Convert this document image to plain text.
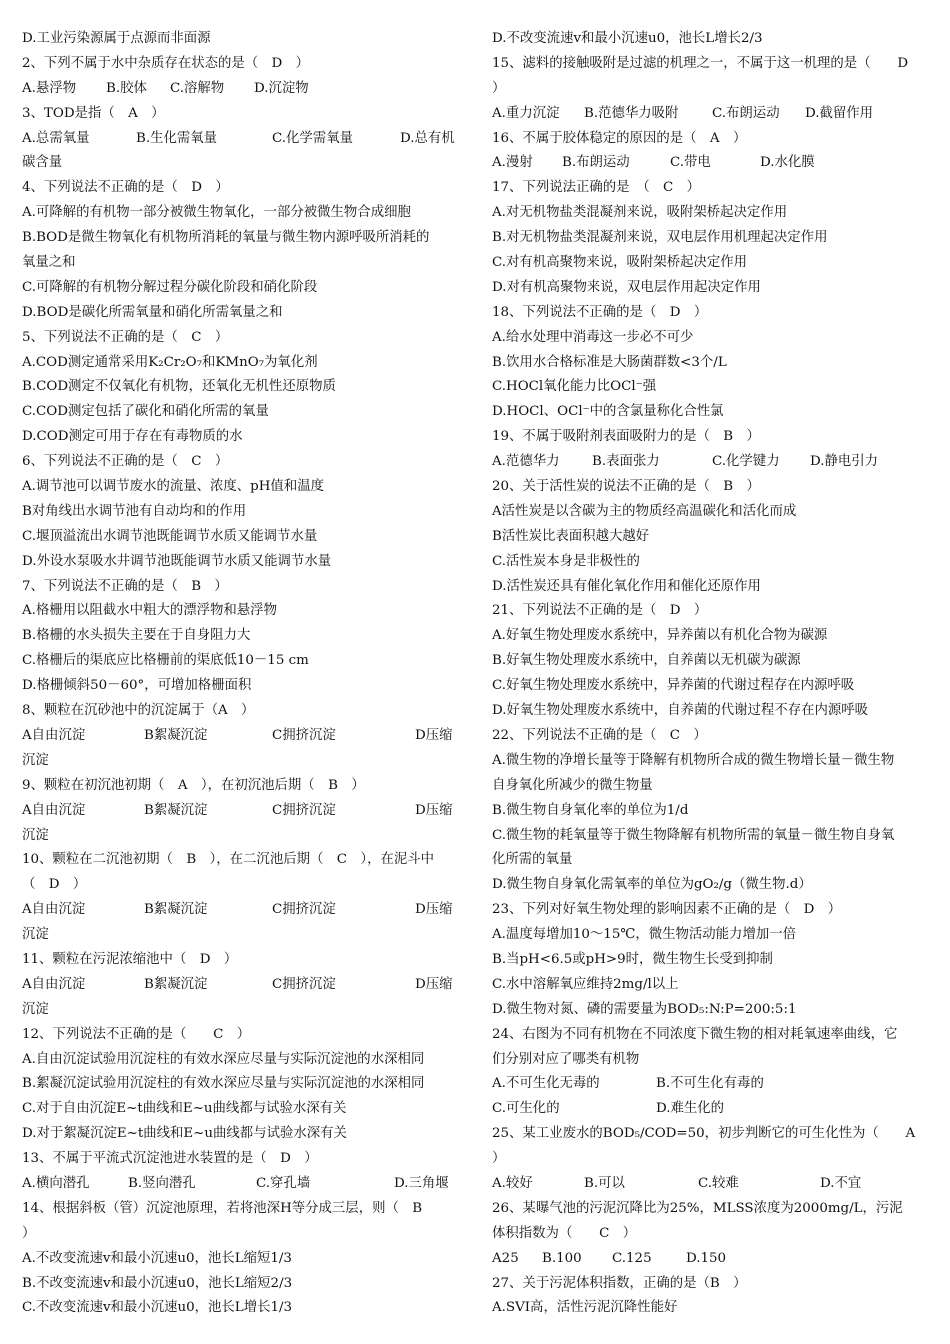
D.工业污染源属于点源而非面源
2、下列不属于水中杂质存在状态的是（　D　）
A.悬浮物 B.胶体 C.溶解物 D.沉淀物
3、TOD是指（　A　）
A.总需氧量	B.生化需氧量	C.化学需氧量	D.总有机
碳含量
4、下列说法不正确的是（　D　）
A.可降解的有机物一部分被微生物氧化，一部分被微生物合成细胞
B.BOD是微生物氧化有机物所消耗的氧量与微生物内源呼吸所消耗的
氧量之和
C.可降解的有机物分解过程分碳化阶段和硝化阶段
D.BOD是碳化所需氧量和硝化所需氧量之和
5、下列说法不正确的是（　C　）
A.COD测定通常采用K₂Cr₂O₇和KMnO₇为氧化剂
B.COD测定不仅氧化有机物，还氧化无机性还原物质
C.COD测定包括了碳化和硝化所需的氧量
D.COD测定可用于存在有毒物质的水
6、下列说法不正确的是（　C　）
A.调节池可以调节废水的流量、浓度、pH值和温度
B对角线出水调节池有自动均和的作用
C.堰顶溢流出水调节池既能调节水质又能调节水量
D.外设水泵吸水井调节池既能调节水质又能调节水量
7、下列说法不正确的是（　B　）
A.格栅用以阻截水中粗大的漂浮物和悬浮物
B.格栅的水头损失主要在于自身阻力大
C.格栅后的渠底应比格栅前的渠底低10－15 cm
D.格栅倾斜50－60°，可增加格栅面积
8、颗粒在沉砂池中的沉淀属于（A　）
A自由沉淀	B絮凝沉淀	C拥挤沉淀	D压缩
沉淀
9、颗粒在初沉池初期（　A　），在初沉池后期（　B　）
A自由沉淀	B絮凝沉淀	C拥挤沉淀	D压缩
沉淀
10、颗粒在二沉池初期（　B　），在二沉池后期（　C　），在泥斗中
（　D　）
A自由沉淀	B絮凝沉淀	C拥挤沉淀	D压缩
沉淀
11、颗粒在污泥浓缩池中（　D　）
A自由沉淀	B絮凝沉淀	C拥挤沉淀	D压缩
沉淀
12、下列说法不正确的是（　　C　）
A.自由沉淀试验用沉淀柱的有效水深应尽量与实际沉淀池的水深相同
B.絮凝沉淀试验用沉淀柱的有效水深应尽量与实际沉淀池的水深相同
C.对于自由沉淀E~t曲线和E~u曲线都与试验水深有关
D.对于絮凝沉淀E~t曲线和E~u曲线都与试验水深有关
13、不属于平流式沉淀池进水装置的是（　D　）
A.横向潜孔	B.竖向潜孔	C.穿孔墙	D.三角堰
14、根据斜板（管）沉淀池原理，若将池深H等分成三层，则（　B
）
A.不改变流速v和最小沉速u0，池长L缩短1/3
B.不改变流速v和最小沉速u0，池长L缩短2/3
C.不改变流速v和最小沉速u0，池长L增长1/3
D.不改变流速v和最小沉速u0，池长L增长2/3
15、滤料的接触吸附是过滤的机理之一，不属于这一机理的是（　　D
）
A.重力沉淀 B.范德华力吸附	C.布朗运动 D.截留作用
16、不属于胶体稳定的原因的是（　A　）
A.漫射 B.布朗运动	C.带电	D.水化膜
17、下列说法正确的是　（　C　）
A.对无机物盐类混凝剂来说，吸附架桥起决定作用
B.对无机物盐类混凝剂来说，双电层作用机理起决定作用
C.对有机高聚物来说，吸附架桥起决定作用
D.对有机高聚物来说，双电层作用起决定作用
18、下列说法不正确的是（　D　）
A.给水处理中消毒这一步必不可少
B.饮用水合格标准是大肠菌群数<3个/L
C.HOCl氧化能力比OCl⁻强
D.HOCl、OCl⁻中的含氯量称化合性氯
19、不属于吸附剂表面吸附力的是（　B　）
A.范德华力 B.表面张力	C.化学键力 D.静电引力
20、关于活性炭的说法不正确的是（　B　）
A活性炭是以含碳为主的物质经高温碳化和活化而成
B活性炭比表面积越大越好
C.活性炭本身是非极性的
D.活性炭还具有催化氧化作用和催化还原作用
21、下列说法不正确的是（　D　）
A.好氧生物处理废水系统中，异养菌以有机化合物为碳源
B.好氧生物处理废水系统中，自养菌以无机碳为碳源
C.好氧生物处理废水系统中，异养菌的代谢过程存在内源呼吸
D.好氧生物处理废水系统中，自养菌的代谢过程不存在内源呼吸
22、下列说法不正确的是（　C　）
A.微生物的净增长量等于降解有机物所合成的微生物增长量－微生物
自身氧化所减少的微生物量
B.微生物自身氧化率的单位为1/d
C.微生物的耗氧量等于微生物降解有机物所需的氧量－微生物自身氧
化所需的氧量
D.微生物自身氧化需氧率的单位为gO₂/g（微生物.d）
23、下列对好氧生物处理的影响因素不正确的是（　D　）
A.温度每增加10～15℃，微生物活动能力增加一倍
B.当pH<6.5或pH>9时，微生物生长受到抑制
C.水中溶解氧应维持2mg/l以上
D.微生物对氮、磷的需要量为BOD₅:N:P=200:5:1
24、右图为不同有机物在不同浓度下微生物的相对耗氧速率曲线，它
们分别对应了哪类有机物
A.不可生化无毒的	B.不可生化有毒的
C.可生化的	D.难生化的
25、某工业废水的BOD₅/COD=50，初步判断它的可生化性为（　　A
）
A.较好	B.可以	C.较难	D.不宜
26、某曝气池的污泥沉降比为25%，MLSS浓度为2000mg/L，污泥
体积指数为（　　C　）
A25 B.100 C.125	D.150
27、关于污泥体积指数，正确的是（B　）
A.SVI高，活性污泥沉降性能好
